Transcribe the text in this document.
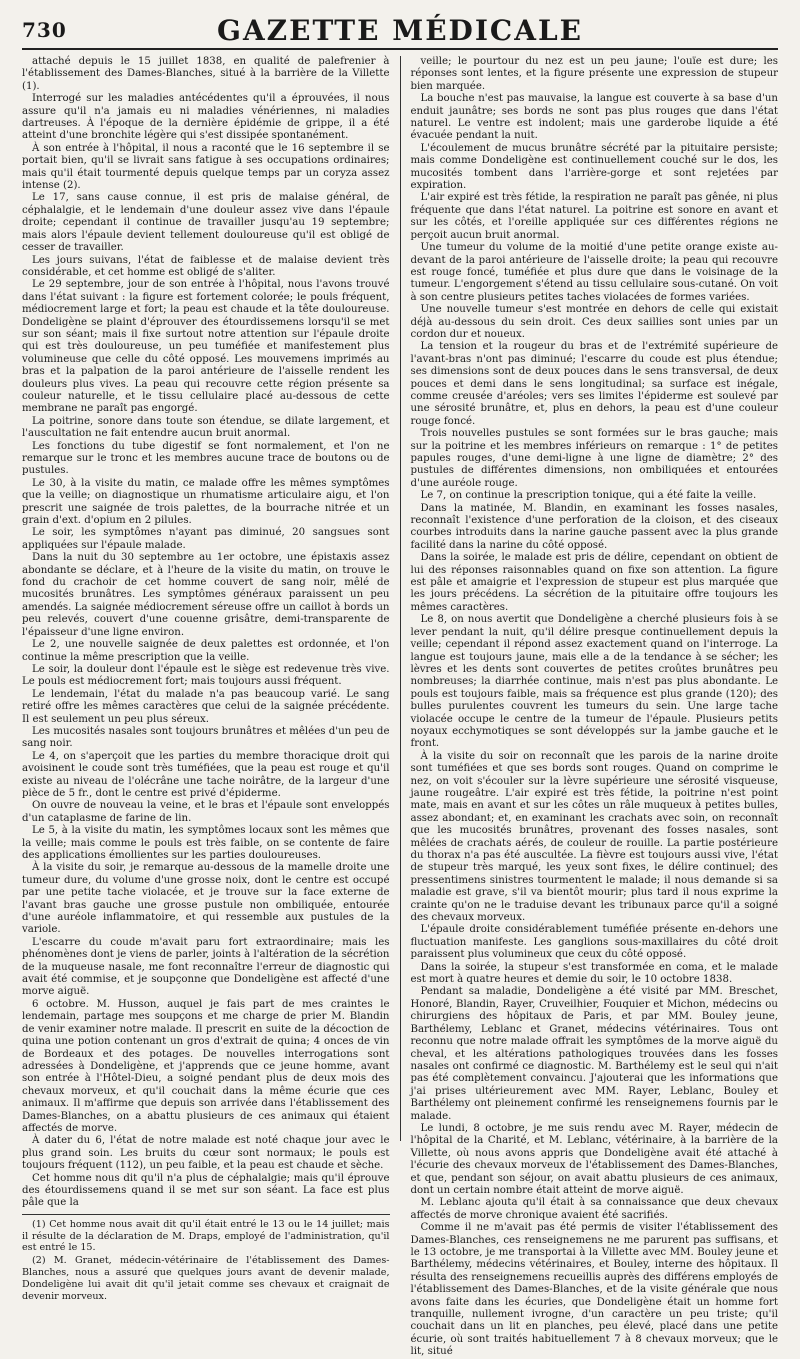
730	GAZETTE MÉDICALE

attaché depuis le 15 juillet 1838, en qualité de palefrenier à l'établissement des Dames-Blanches, situé à la barrière de la Villette (1).

Interrogé sur les maladies antécédentes qu'il a éprouvées, il nous assure qu'il n'a jamais eu ni maladies vénériennes, ni maladies dartreuses. À l'époque de la dernière épidémie de grippe, il a été atteint d'une bronchite légère qui s'est dissipée spontanément.

À son entrée à l'hôpital, il nous a raconté que le 16 septembre il se portait bien, qu'il se livrait sans fatigue à ses occupations ordinaires; mais qu'il était tourmenté depuis quelque temps par un coryza assez intense (2).

Le 17, sans cause connue, il est pris de malaise général, de céphalalgie, et le lendemain d'une douleur assez vive dans l'épaule droite; cependant il continue de travailler jusqu'au 19 septembre; mais alors l'épaule devient tellement douloureuse qu'il est obligé de cesser de travailler.

Les jours suivans, l'état de faiblesse et de malaise devient très considérable, et cet homme est obligé de s'aliter.

Le 29 septembre, jour de son entrée à l'hôpital, nous l'avons trouvé dans l'état suivant : la figure est fortement colorée; le pouls fréquent, médiocrement large et fort; la peau est chaude et la tête douloureuse. Dondeligène se plaint d'éprouver des étourdissemens lorsqu'il se met sur son séant; mais il fixe surtout notre attention sur l'épaule droite qui est très douloureuse, un peu tuméfiée et manifestement plus volumineuse que celle du côté opposé. Les mouvemens imprimés au bras et la palpation de la paroi antérieure de l'aisselle rendent les douleurs plus vives. La peau qui recouvre cette région présente sa couleur naturelle, et le tissu cellulaire placé au-dessous de cette membrane ne paraît pas engorgé.

La poitrine, sonore dans toute son étendue, se dilate largement, et l'auscultation ne fait entendre aucun bruit anormal.

Les fonctions du tube digestif se font normalement, et l'on ne remarque sur le tronc et les membres aucune trace de boutons ou de pustules.

Le 30, à la visite du matin, ce malade offre les mêmes symptômes que la veille; on diagnostique un rhumatisme articulaire aigu, et l'on prescrit une saignée de trois palettes, de la bourrache nitrée et un grain d'ext. d'opium en 2 pilules.

Le soir, les symptômes n'ayant pas diminué, 20 sangsues sont appliquées sur l'épaule malade.

Dans la nuit du 30 septembre au 1er octobre, une épistaxis assez abondante se déclare, et à l'heure de la visite du matin, on trouve le fond du crachoir de cet homme couvert de sang noir, mêlé de mucosités brunâtres. Les symptômes généraux paraissent un peu amendés. La saignée médiocrement séreuse offre un caillot à bords un peu relevés, couvert d'une couenne grisâtre, demi-transparente de l'épaisseur d'une ligne environ.

Le 2, une nouvelle saignée de deux palettes est ordonnée, et l'on continue la même prescription que la veille.

Le soir, la douleur dont l'épaule est le siège est redevenue très vive. Le pouls est médiocrement fort; mais toujours aussi fréquent.

Le lendemain, l'état du malade n'a pas beaucoup varié. Le sang retiré offre les mêmes caractères que celui de la saignée précédente. Il est seulement un peu plus séreux.

Les mucosités nasales sont toujours brunâtres et mêlées d'un peu de sang noir.

Le 4, on s'aperçoit que les parties du membre thoracique droit qui avoisinent le coude sont très tuméfiées, que la peau est rouge et qu'il existe au niveau de l'olécrâne une tache noirâtre, de la largeur d'une pièce de 5 fr., dont le centre est privé d'épiderme.

On ouvre de nouveau la veine, et le bras et l'épaule sont enveloppés d'un cataplasme de farine de lin.

Le 5, à la visite du matin, les symptômes locaux sont les mêmes que la veille; mais comme le pouls est très faible, on se contente de faire des applications émollientes sur les parties douloureuses.

À la visite du soir, je remarque au-dessous de la mamelle droite une tumeur dure, du volume d'une grosse noix, dont le centre est occupé par une petite tache violacée, et je trouve sur la face externe de l'avant bras gauche une grosse pustule non ombiliquée, entourée d'une auréole inflammatoire, et qui ressemble aux pustules de la variole.

L'escarre du coude m'avait paru fort extraordinaire; mais les phénomènes dont je viens de parler, joints à l'altération de la sécrétion de la muqueuse nasale, me font reconnaître l'erreur de diagnostic qui avait été commise, et je soupçonne que Dondeligène est affecté d'une morve aiguë.

6 octobre. M. Husson, auquel je fais part de mes craintes le lendemain, partage mes soupçons et me charge de prier M. Blandin de venir examiner notre malade. Il prescrit en suite de la décoction de quina une potion contenant un gros d'extrait de quina; 4 onces de vin de Bordeaux et des potages. De nouvelles interrogations sont adressées à Dondeligène, et j'apprends que ce jeune homme, avant son entrée à l'Hôtel-Dieu, a soigné pendant plus de deux mois des chevaux morveux, et qu'il couchait dans la même écurie que ces animaux. Il m'affirme que depuis son arrivée dans l'établissement des Dames-Blanches, on a abattu plusieurs de ces animaux qui étaient affectés de morve.

À dater du 6, l'état de notre malade est noté chaque jour avec le plus grand soin. Les bruits du cœur sont normaux; le pouls est toujours fréquent (112), un peu faible, et la peau est chaude et sèche.

Cet homme nous dit qu'il n'a plus de céphalalgie; mais qu'il éprouve des étourdissemens quand il se met sur son séant. La face est plus pâle que la

(1) Cet homme nous avait dit qu'il était entré le 13 ou le 14 juillet; mais il résulte de la déclaration de M. Draps, employé de l'administration, qu'il est entré le 15.

(2) M. Granet, médecin-vétérinaire de l'établissement des Dames-Blanches, nous a assuré que quelques jours avant de devenir malade, Dondeligène lui avait dit qu'il jetait comme ses chevaux et craignait de devenir morveux.

veille; le pourtour du nez est un peu jaune; l'ouïe est dure; les réponses sont lentes, et la figure présente une expression de stupeur bien marquée.

La bouche n'est pas mauvaise, la langue est couverte à sa base d'un enduit jaunâtre; ses bords ne sont pas plus rouges que dans l'état naturel. Le ventre est indolent; mais une garderobe liquide a été évacuée pendant la nuit.

L'écoulement de mucus brunâtre sécrété par la pituitaire persiste; mais comme Dondeligène est continuellement couché sur le dos, les mucosités tombent dans l'arrière-gorge et sont rejetées par expiration.

L'air expiré est très fétide, la respiration ne paraît pas gênée, ni plus fréquente que dans l'état naturel. La poitrine est sonore en avant et sur les côtés, et l'oreille appliquée sur ces différentes régions ne perçoit aucun bruit anormal.

Une tumeur du volume de la moitié d'une petite orange existe au-devant de la paroi antérieure de l'aisselle droite; la peau qui recouvre est rouge foncé, tuméfiée et plus dure que dans le voisinage de la tumeur. L'engorgement s'étend au tissu cellulaire sous-cutané. On voit à son centre plusieurs petites taches violacées de formes variées.

Une nouvelle tumeur s'est montrée en dehors de celle qui existait déjà au-dessous du sein droit. Ces deux saillies sont unies par un cordon dur et noueux.

La tension et la rougeur du bras et de l'extrémité supérieure de l'avant-bras n'ont pas diminué; l'escarre du coude est plus étendue; ses dimensions sont de deux pouces dans le sens transversal, de deux pouces et demi dans le sens longitudinal; sa surface est inégale, comme creusée d'aréoles; vers ses limites l'épiderme est soulevé par une sérosité brunâtre, et, plus en dehors, la peau est d'une couleur rouge foncé.

Trois nouvelles pustules se sont formées sur le bras gauche; mais sur la poitrine et les membres inférieurs on remarque : 1° de petites papules rouges, d'une demi-ligne à une ligne de diamètre; 2° des pustules de différentes dimensions, non ombiliquées et entourées d'une auréole rouge.

Le 7, on continue la prescription tonique, qui a été faite la veille.

Dans la matinée, M. Blandin, en examinant les fosses nasales, reconnaît l'existence d'une perforation de la cloison, et des ciseaux courbes introduits dans la narine gauche passent avec la plus grande facilité dans la narine du côté opposé.

Dans la soirée, le malade est pris de délire, cependant on obtient de lui des réponses raisonnables quand on fixe son attention. La figure est pâle et amaigrie et l'expression de stupeur est plus marquée que les jours précédens. La sécrétion de la pituitaire offre toujours les mêmes caractères.

Le 8, on nous avertit que Dondeligène a cherché plusieurs fois à se lever pendant la nuit, qu'il délire presque continuellement depuis la veille; cependant il répond assez exactement quand on l'interroge. La langue est toujours jaune, mais elle a de la tendance à se sécher; les lèvres et les dents sont couvertes de petites croûtes brunâtres peu nombreuses; la diarrhée continue, mais n'est pas plus abondante. Le pouls est toujours faible, mais sa fréquence est plus grande (120); des bulles purulentes couvrent les tumeurs du sein. Une large tache violacée occupe le centre de la tumeur de l'épaule. Plusieurs petits noyaux ecchymotiques se sont développés sur la jambe gauche et le front.

À la visite du soir on reconnaît que les parois de la narine droite sont tuméfiées et que ses bords sont rouges. Quand on comprime le nez, on voit s'écouler sur la lèvre supérieure une sérosité visqueuse, jaune rougeâtre. L'air expiré est très fétide, la poitrine n'est point mate, mais en avant et sur les côtes un râle muqueux à petites bulles, assez abondant; et, en examinant les crachats avec soin, on reconnaît que les mucosités brunâtres, provenant des fosses nasales, sont mêlées de crachats aérés, de couleur de rouille. La partie postérieure du thorax n'a pas été auscultée. La fièvre est toujours aussi vive, l'état de stupeur très marqué, les yeux sont fixes, le délire continuel; des pressentimens sinistres tourmentent le malade; il nous demande si sa maladie est grave, s'il va bientôt mourir; plus tard il nous exprime la crainte qu'on ne le traduise devant les tribunaux parce qu'il a soigné des chevaux morveux.

L'épaule droite considérablement tuméfiée présente en-dehors une fluctuation manifeste. Les ganglions sous-maxillaires du côté droit paraissent plus volumineux que ceux du côté opposé.

Dans la soirée, la stupeur s'est transformée en coma, et le malade est mort à quatre heures et demie du soir, le 10 octobre 1838.

Pendant sa maladie, Dondeligène a été visité par MM. Breschet, Honoré, Blandin, Rayer, Cruveilhier, Fouquier et Michon, médecins ou chirurgiens des hôpitaux de Paris, et par MM. Bouley jeune, Barthélemy, Leblanc et Granet, médecins vétérinaires. Tous ont reconnu que notre malade offrait les symptômes de la morve aiguë du cheval, et les altérations pathologiques trouvées dans les fosses nasales ont confirmé ce diagnostic. M. Barthélemy est le seul qui n'ait pas été complètement convaincu. J'ajouterai que les informations que j'ai prises ultérieurement avec MM. Rayer, Leblanc, Bouley et Barthélemy ont pleinement confirmé les renseignemens fournis par le malade.

Le lundi, 8 octobre, je me suis rendu avec M. Rayer, médecin de l'hôpital de la Charité, et M. Leblanc, vétérinaire, à la barrière de la Villette, où nous avons appris que Dondeligène avait été attaché à l'écurie des chevaux morveux de l'établissement des Dames-Blanches, et que, pendant son séjour, on avait abattu plusieurs de ces animaux, dont un certain nombre était atteint de morve aiguë.

M. Leblanc ajouta qu'il était à sa connaissance que deux chevaux affectés de morve chronique avaient été sacrifiés.

Comme il ne m'avait pas été permis de visiter l'établissement des Dames-Blanches, ces renseignemens ne me parurent pas suffisans, et le 13 octobre, je me transportai à la Villette avec MM. Bouley jeune et Barthélemy, médecins vétérinaires, et Bouley, interne des hôpitaux. Il résulta des renseignemens recueillis auprès des différens employés de l'établissement des Dames-Blanches, et de la visite générale que nous avons faite dans les écuries, que Dondeligène était un homme fort tranquille, nullement ivrogne, d'un caractère un peu triste; qu'il couchait dans un lit en planches, peu élevé, placé dans une petite écurie, où sont traités habituellement 7 à 8 chevaux morveux; que le lit, situé
